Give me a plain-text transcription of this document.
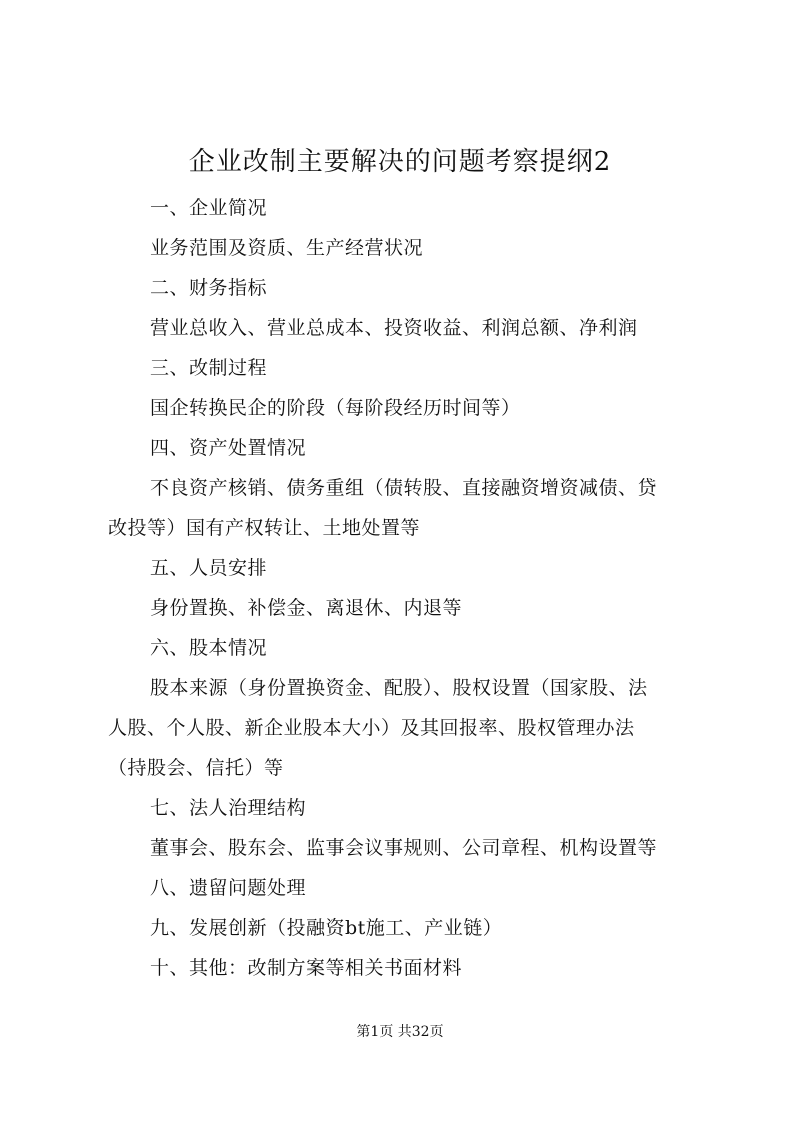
企业改制主要解决的问题考察提纲2
一、企业简况
业务范围及资质、生产经营状况
二、财务指标
营业总收入、营业总成本、投资收益、利润总额、净利润
三、改制过程
国企转换民企的阶段（每阶段经历时间等）
四、资产处置情况
不良资产核销、债务重组（债转股、直接融资增资减债、贷
改投等）国有产权转让、土地处置等
五、人员安排
身份置换、补偿金、离退休、内退等
六、股本情况
股本来源（身份置换资金、配股）、股权设置（国家股、法
人股、个人股、新企业股本大小）及其回报率、股权管理办法
（持股会、信托）等
七、法人治理结构
董事会、股东会、监事会议事规则、公司章程、机构设置等
八、遗留问题处理
九、发展创新（投融资bt施工、产业链）
十、其他：改制方案等相关书面材料
第1页 共32页
